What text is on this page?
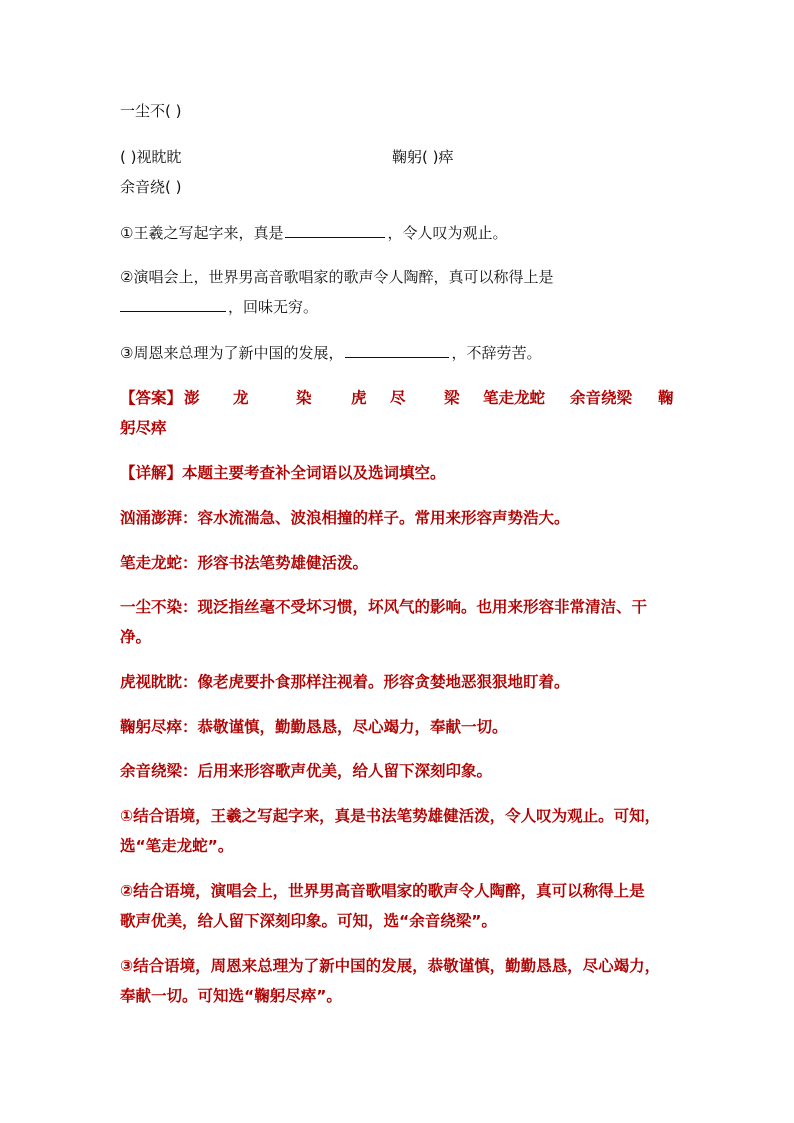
一尘不( )
( )视眈眈	鞠躬( )瘁
余音绕( )
①王羲之写起字来，真是	，令人叹为观止。
②演唱会上，世界男高音歌唱家的歌声令人陶醉，真可以称得上是
，回味无穷。
③周恩来总理为了新中国的发展，	，不辞劳苦。
【答案】 澎 龙	染	虎 尽 梁 笔走龙蛇 余音绕梁 鞠
躬尽瘁
【详解】本题主要考查补全词语以及选词填空。
汹涌澎湃：容水流湍急、波浪相撞的样子。常用来形容声势浩大。
笔走龙蛇：形容书法笔势雄健活泼。
一尘不染：现泛指丝毫不受坏习惯，坏风气的影响。也用来形容非常清洁、干
净。
虎视眈眈：像老虎要扑食那样注视着。形容贪婪地恶狠狠地盯着。
鞠躬尽瘁：恭敬谨慎，勤勤恳恳，尽心竭力，奉献一切。
余音绕梁：后用来形容歌声优美，给人留下深刻印象。
①结合语境，王羲之写起字来，真是书法笔势雄健活泼，令人叹为观止。可知，
选“笔走龙蛇”。
②结合语境，演唱会上，世界男高音歌唱家的歌声令人陶醉，真可以称得上是
歌声优美，给人留下深刻印象。可知，选“余音绕梁”。
③结合语境，周恩来总理为了新中国的发展，恭敬谨慎，勤勤恳恳，尽心竭力，
奉献一切。可知选“鞠躬尽瘁”。
